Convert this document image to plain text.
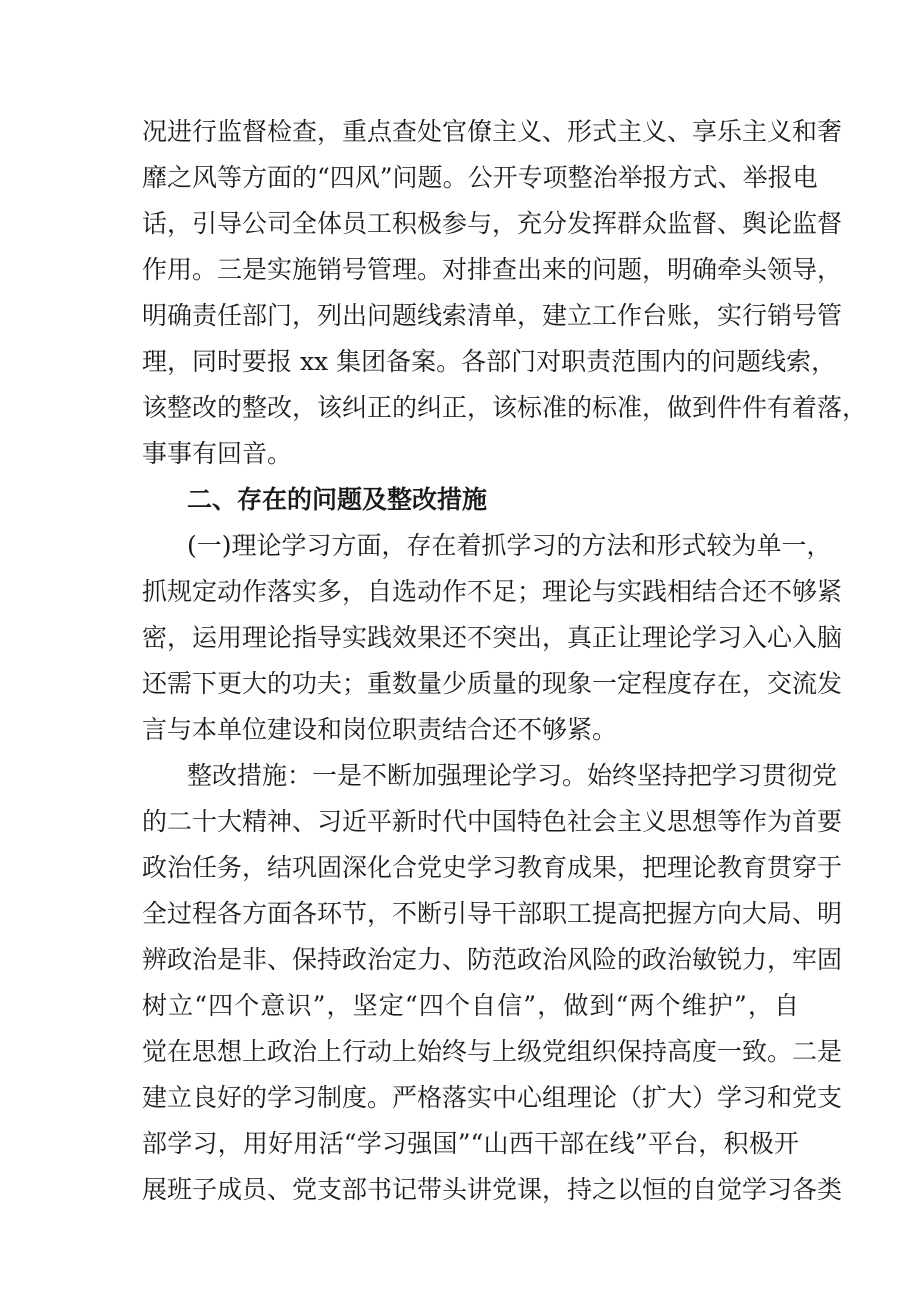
况进行监督检查，重点查处官僚主义、形式主义、享乐主义和奢
靡之风等方面的“四风”问题。公开专项整治举报方式、举报电
话，引导公司全体员工积极参与，充分发挥群众监督、舆论监督
作用。三是实施销号管理。对排查出来的问题，明确牵头领导，
明确责任部门，列出问题线索清单，建立工作台账，实行销号管
理，同时要报 xx 集团备案。各部门对职责范围内的问题线索，
该整改的整改，该纠正的纠正，该标准的标准，做到件件有着落，
事事有回音。
二、存在的问题及整改措施
(一)理论学习方面，存在着抓学习的方法和形式较为单一，
抓规定动作落实多，自选动作不足；理论与实践相结合还不够紧
密，运用理论指导实践效果还不突出，真正让理论学习入心入脑
还需下更大的功夫；重数量少质量的现象一定程度存在，交流发
言与本单位建设和岗位职责结合还不够紧。
整改措施：一是不断加强理论学习。始终坚持把学习贯彻党
的二十大精神、习近平新时代中国特色社会主义思想等作为首要
政治任务，结巩固深化合党史学习教育成果，把理论教育贯穿于
全过程各方面各环节，不断引导干部职工提高把握方向大局、明
辨政治是非、保持政治定力、防范政治风险的政治敏锐力，牢固
树立“四个意识”，坚定“四个自信”，做到“两个维护”，自
觉在思想上政治上行动上始终与上级党组织保持高度一致。二是
建立良好的学习制度。严格落实中心组理论（扩大）学习和党支
部学习，用好用活“学习强国”“山西干部在线”平台，积极开
展班子成员、党支部书记带头讲党课，持之以恒的自觉学习各类
